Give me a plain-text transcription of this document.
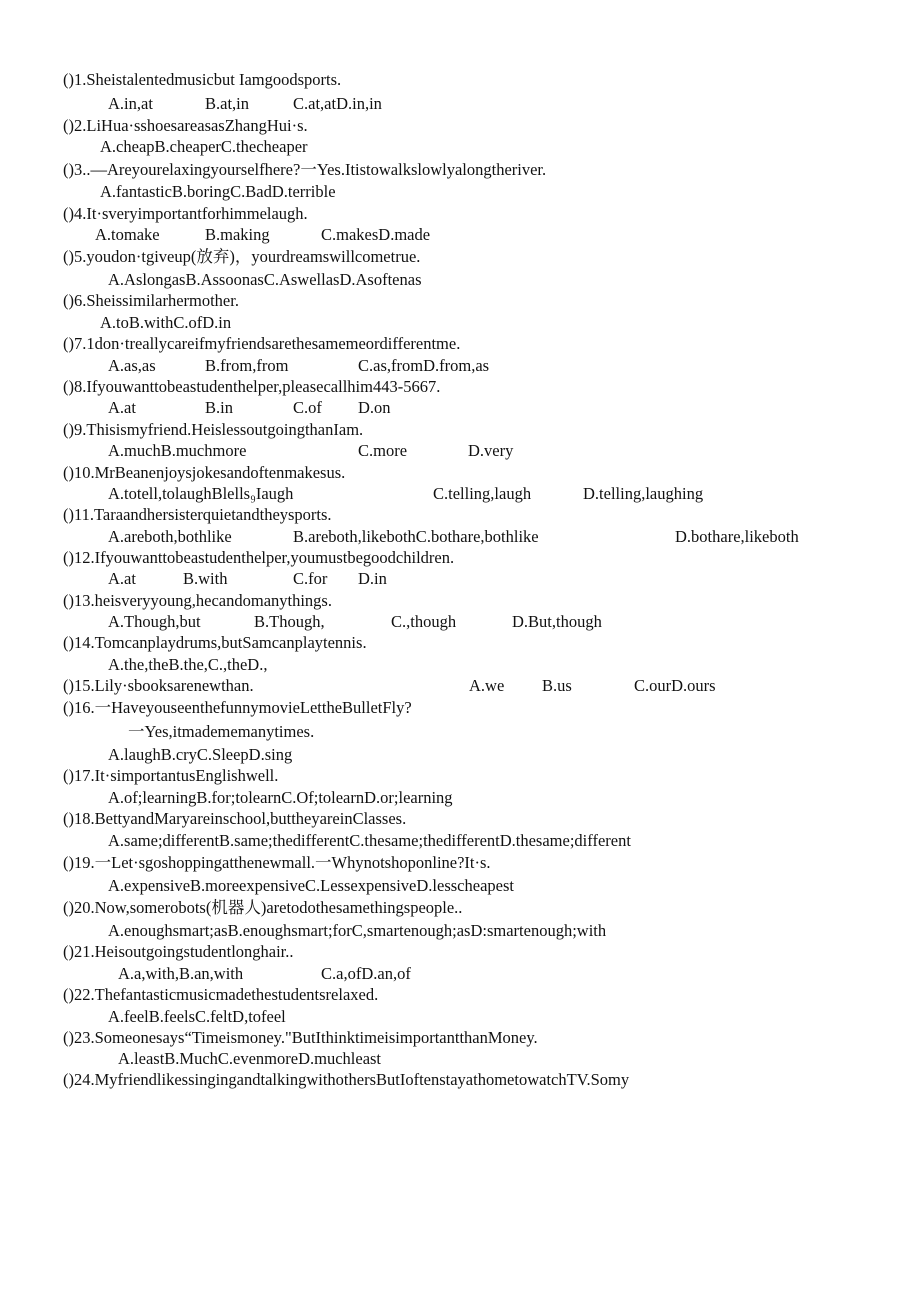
()1.Sheistalentedmusicbut Iamgoodsports.

A.in,at

	B.at,in

	C.at,atD.in,in

()2.LiHua·sshoesareasasZhangHui·s.
A.cheapB.cheaperC.thecheaper
()3..—Areyourelaxingyourselfhere?一Yes.Itistowalkslowlyalongtheriver.
A.fantasticB.boringC.BadD.terrible
()4.It·sveryimportantforhimmelaugh.

A.tomake

	B.making

	C.makesD.made

()5.youdon·tgiveup(放弃)，yourdreamswillcometrue.
A.AslongasB.AssoonasC.AswellasD.Asoftenas
()6.Sheissimilarhermother.
A.toB.withC.ofD.in
()7.1don·treallycareifmyfriendsarethesamemeordifferentme.

A.as,as

	B.from,from

	C.as,fromD.from,as

()8.Ifyouwanttobeastudenthelper,pleasecallhim443-5667.

A.at

	B.in

	C.of

D.on

()9.Thisismyfriend.HeislessoutgoingthanIam.

A.muchB.muchmore

	C.more

	D.very

()10.MrBeanenjoysjokesandoftenmakesus.

A.totell,tolaughBlells₉Iaugh

	C.telling,laugh

	D.telling,laughing

()11.Taraandhersisterquietandtheysports.

A.areboth,bothlike

	B.areboth,likebothC.bothare,bothlike

	D.bothare,likeboth

()12.Ifyouwanttobeastudenthelper,youmustbegoodchildren.

A.at

	B.with

	C.for

D.in

()13.heisveryyoung,hecandomanythings.

A.Though,but

	B.Though,

	C.,though

	D.But,though

()14.Tomcanplaydrums,butSamcanplaytennis.
A.the,theB.the,C.,theD.,

()15.Lily·sbooksarenewthan.

	A.we

B.us

	C.ourD.ours

()16.一HaveyouseenthefunnymovieLettheBulletFly?
一Yes,itmadememanytimes.
A.laughB.cryC.SleepD.sing
()17.It·simportantusEnglishwell.
A.of;learningB.for;tolearnC.Of;tolearnD.or;learning
()18.BettyandMaryareinschool,buttheyareinClasses.
A.same;differentB.same;thedifferentC.thesame;thedifferentD.thesame;different
()19.一Let·sgoshoppingatthenewmall.一Whynotshoponline?It·s.
A.expensiveB.moreexpensiveC.LessexpensiveD.lesscheapest
()20.Now,somerobots(机器人)aretodothesamethingspeople..
A.enoughsmart;asB.enoughsmart;forC,smartenough;asD:smartenough;with
()21.Heisoutgoingstudentlonghair..

A.a,with,B.an,with

	C.a,ofD.an,of

()22.Thefantasticmusicmadethestudentsrelaxed.
A.feelB.feelsC.feltD,tofeel
()23.Someonesays“Timeismoney."ButIthinktimeisimportantthanMoney.
A.leastB.MuchC.evenmoreD.muchleast
()24.MyfriendlikessingingandtalkingwithothersButIoftenstayathometowatchTV.Somy
